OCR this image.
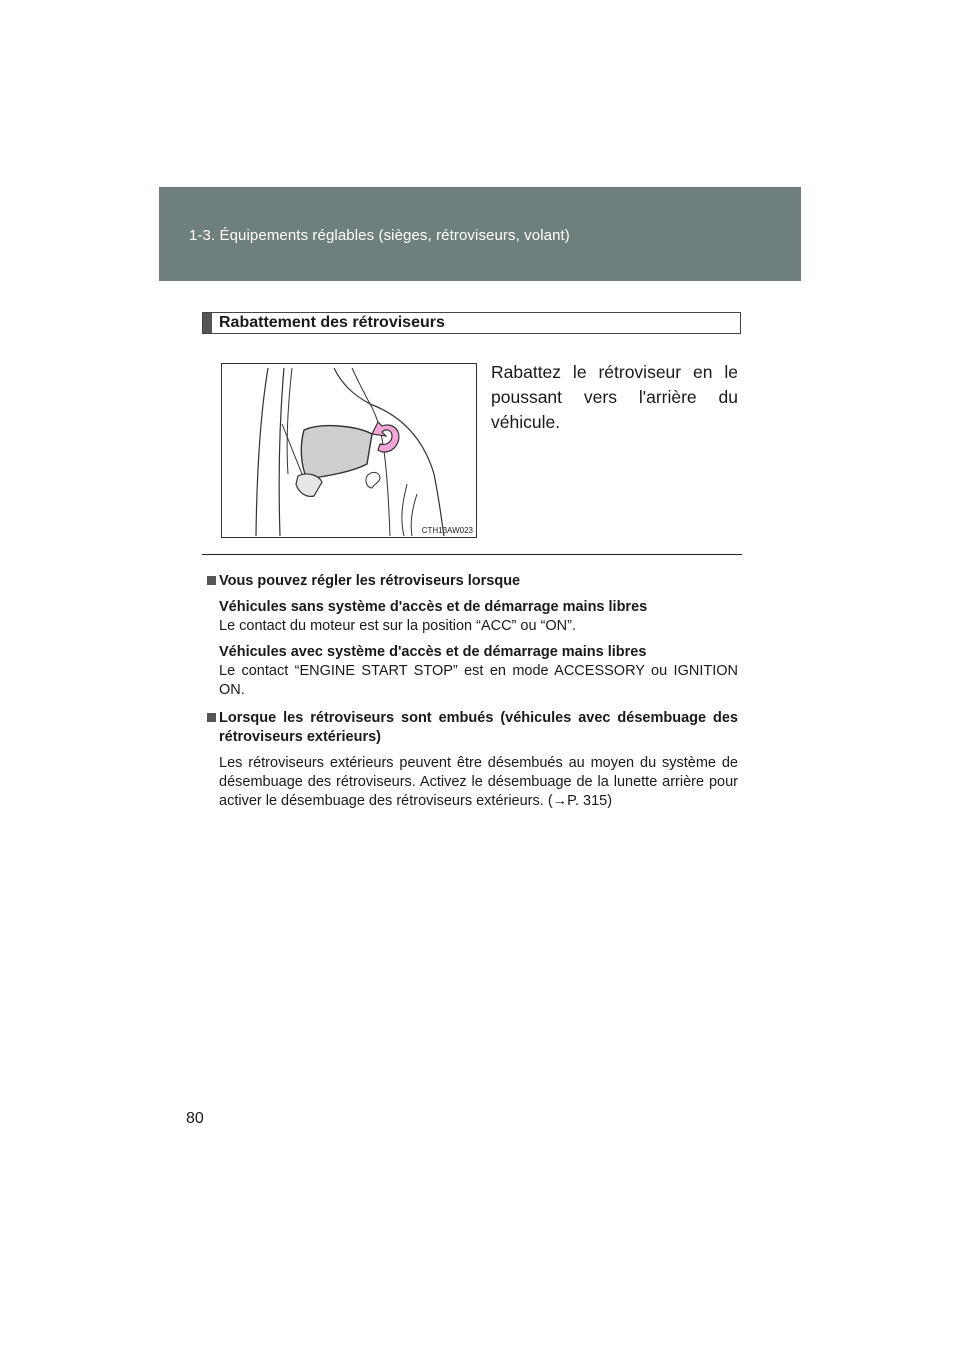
1-3. Équipements réglables (sièges, rétroviseurs, volant)
Rabattement des rétroviseurs
CTH13AW023
Rabattez le rétroviseur en le poussant vers l'arrière du véhicule.
Vous pouvez régler les rétroviseurs lorsque
Véhicules sans système d'accès et de démarrage mains libres
Le contact du moteur est sur la position “ACC” ou “ON”.
Véhicules avec système d'accès et de démarrage mains libres
Le contact “ENGINE START STOP” est en mode ACCESSORY ou IGNITION ON.
Lorsque les rétroviseurs sont embués (véhicules avec désembuage des rétroviseurs extérieurs)
Les rétroviseurs extérieurs peuvent être désembués au moyen du système de désembuage des rétroviseurs. Activez le désembuage de la lunette arrière pour activer le désembuage des rétroviseurs extérieurs. (→P. 315)
80
